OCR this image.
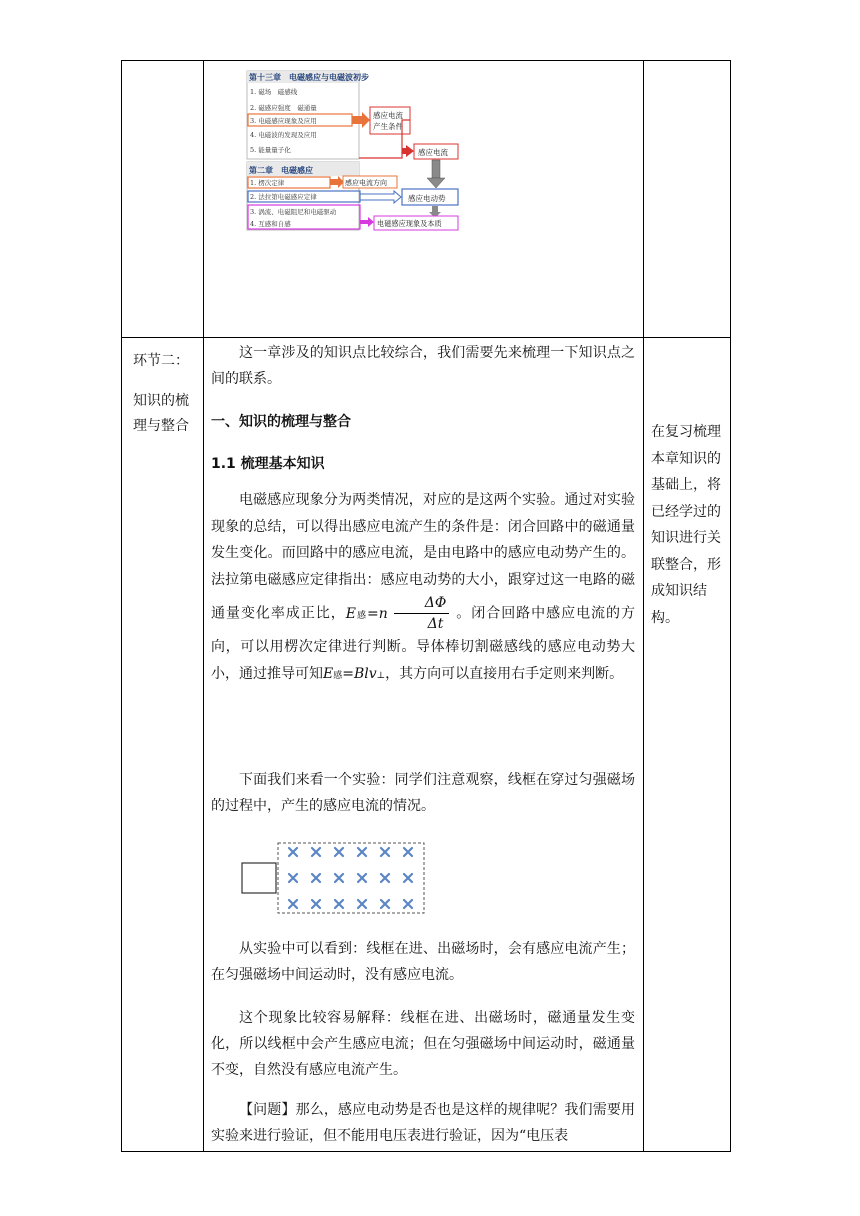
第十三章　电磁感应与电磁波初步
1. 磁场　磁感线
2. 磁感应强度　磁通量
3. 电磁感应现象及应用
4. 电磁波的发现及应用
5. 能量量子化
感应电流
产生条件
第二章　电磁感应
1. 楞次定律
2. 法拉第电磁感应定律
3. 涡流、电磁阻尼和电磁驱动
4. 互感和自感
感应电流
感应电流方向
感应电动势
电磁感应现象及本质
环节二：
知识的梳理与整合
这一章涉及的知识点比较综合，我们需要先来梳理一下知识点之间的联系。
一、知识的梳理与整合
1.1 梳理基本知识
电磁感应现象分为两类情况，对应的是这两个实验。通过对实验现象的总结，可以得出感应电流产生的条件是：闭合回路中的磁通量发生变化。而回路中的感应电流，是由电路中的感应电动势产生的。法拉第电磁感应定律指出：感应电动势的大小，跟穿过这一电路的磁通量变化率成正比，E感$=n \frac{\Delta\Phi}{\Delta t}$ 。闭合回路中感应电流的方向，可以用楞次定律进行判断。导体棒切割磁感线的感应电动势大小，通过推导可知E感=Blv⊥，其方向可以直接用右手定则来判断。
下面我们来看一个实验：同学们注意观察，线框在穿过匀强磁场的过程中，产生的感应电流的情况。
从实验中可以看到：线框在进、出磁场时，会有感应电流产生；在匀强磁场中间运动时，没有感应电流。
这个现象比较容易解释：线框在进、出磁场时，磁通量发生变化，所以线框中会产生感应电流；但在匀强磁场中间运动时，磁通量不变，自然没有感应电流产生。
【问题】那么，感应电动势是否也是这样的规律呢？我们需要用实验来进行验证，但不能用电压表进行验证，因为“电压表
在复习梳理本章知识的基础上，将已经学过的知识进行关联整合，形成知识结构。
